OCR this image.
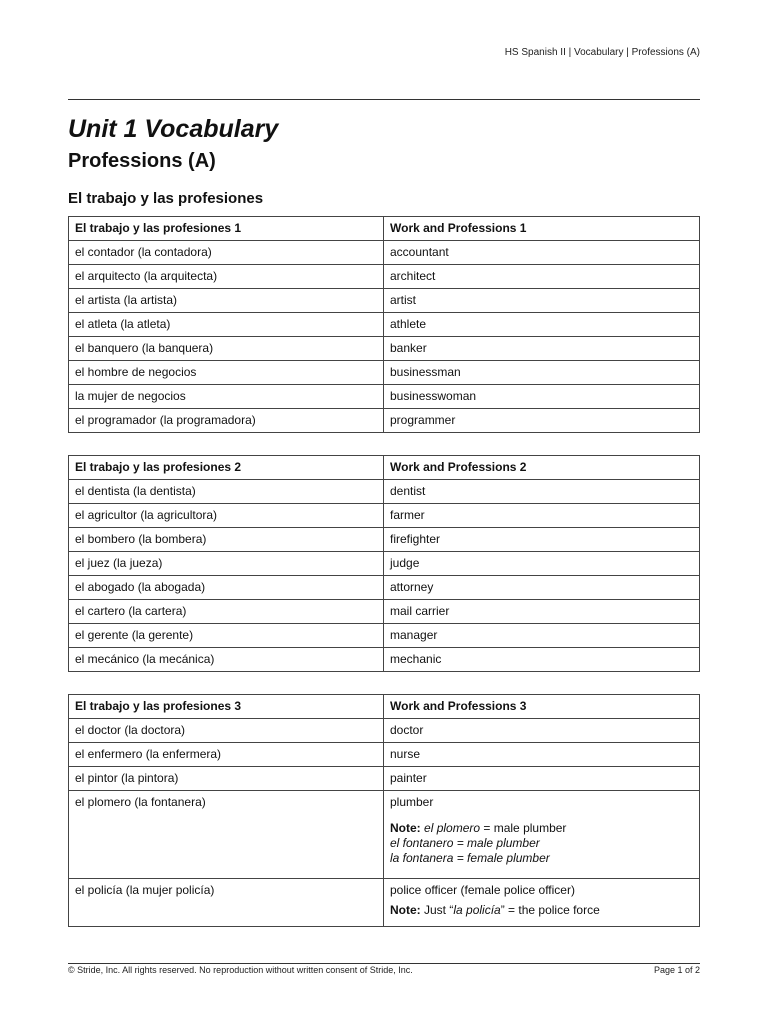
HS Spanish II | Vocabulary | Professions (A)
Unit 1 Vocabulary
Professions (A)
El trabajo y las profesiones
El trabajo y las profesiones 1	Work and Professions 1
el contador (la contadora)	accountant
el arquitecto (la arquitecta)	architect
el artista (la artista)	artist
el atleta (la atleta)	athlete
el banquero (la banquera)	banker
el hombre de negocios	businessman
la mujer de negocios	businesswoman
el programador (la programadora)	programmer
El trabajo y las profesiones 2	Work and Professions 2
el dentista (la dentista)	dentist
el agricultor (la agricultora)	farmer
el bombero (la bombera)	firefighter
el juez (la jueza)	judge
el abogado (la abogada)	attorney
el cartero (la cartera)	mail carrier
el gerente (la gerente)	manager
el mecánico (la mecánica)	mechanic
El trabajo y las profesiones 3	Work and Professions 3
el doctor (la doctora)	doctor
el enfermero (la enfermera)	nurse
el pintor (la pintora)	painter
el plomero (la fontanera)	plumber
Note: el plomero = male plumber
el fontanero = male plumber
la fontanera = female plumber

el policía (la mujer policía)	police officer (female police officer)
Note: Just “la policía” = the police force
© Stride, Inc. All rights reserved. No reproduction without written consent of Stride, Inc.	Page 1 of 2
